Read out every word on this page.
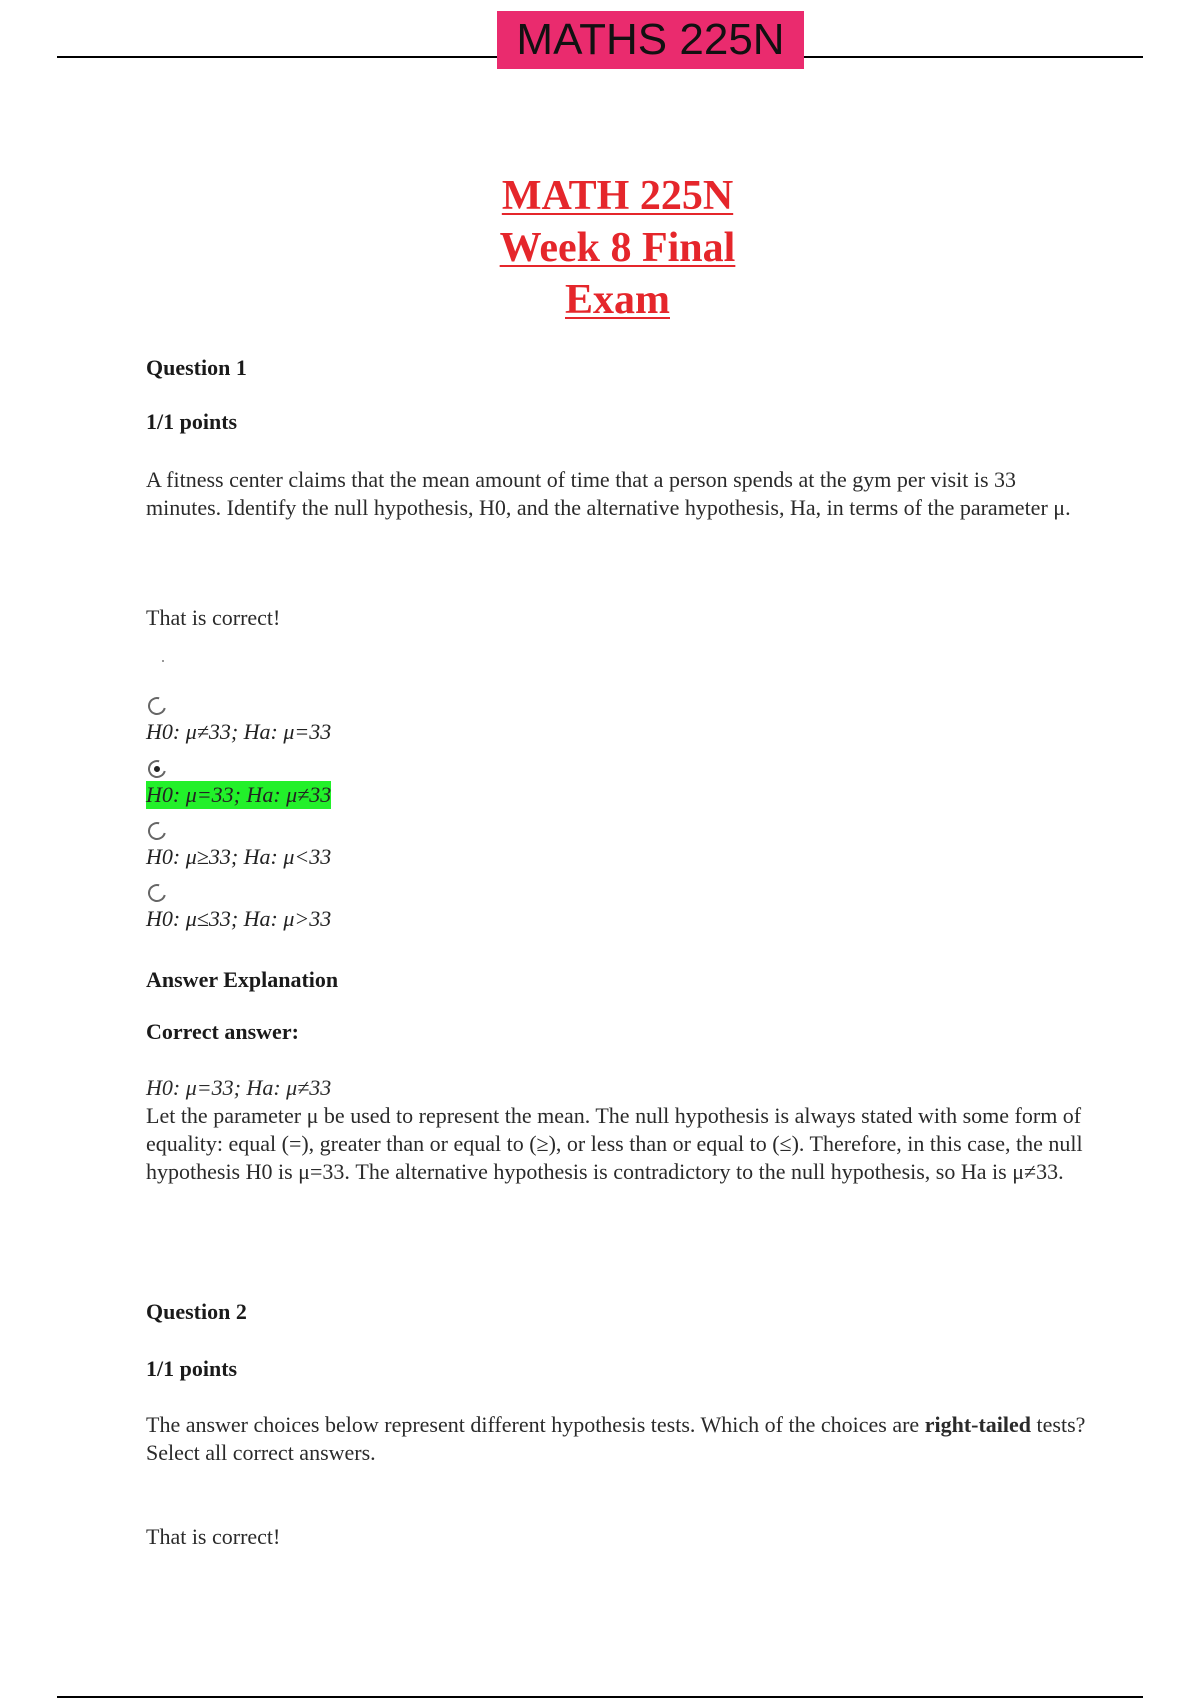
MATHS 225N
MATH 225N
Week 8 Final
Exam

Question 1

1/1 points

A fitness center claims that the mean amount of time that a person spends at the gym per visit is 33 minutes. Identify the null hypothesis, H0, and the alternative hypothesis, Ha, in terms of the parameter μ.

That is correct!

H0: μ≠33; Ha: μ=33
H0: μ=33; Ha: μ≠33
H0: μ≥33; Ha: μ<33
H0: μ≤33; Ha: μ>33

Answer Explanation

Correct answer:

H0: μ=33; Ha: μ≠33

Let the parameter μ be used to represent the mean. The null hypothesis is always stated with some form of equality: equal (=), greater than or equal to (≥), or less than or equal to (≤). Therefore, in this case, the null hypothesis H0 is μ=33. The alternative hypothesis is contradictory to the null hypothesis, so Ha is μ≠33.

Question 2

1/1 points

The answer choices below represent different hypothesis tests. Which of the choices are right-tailed tests? Select all correct answers.

That is correct!
